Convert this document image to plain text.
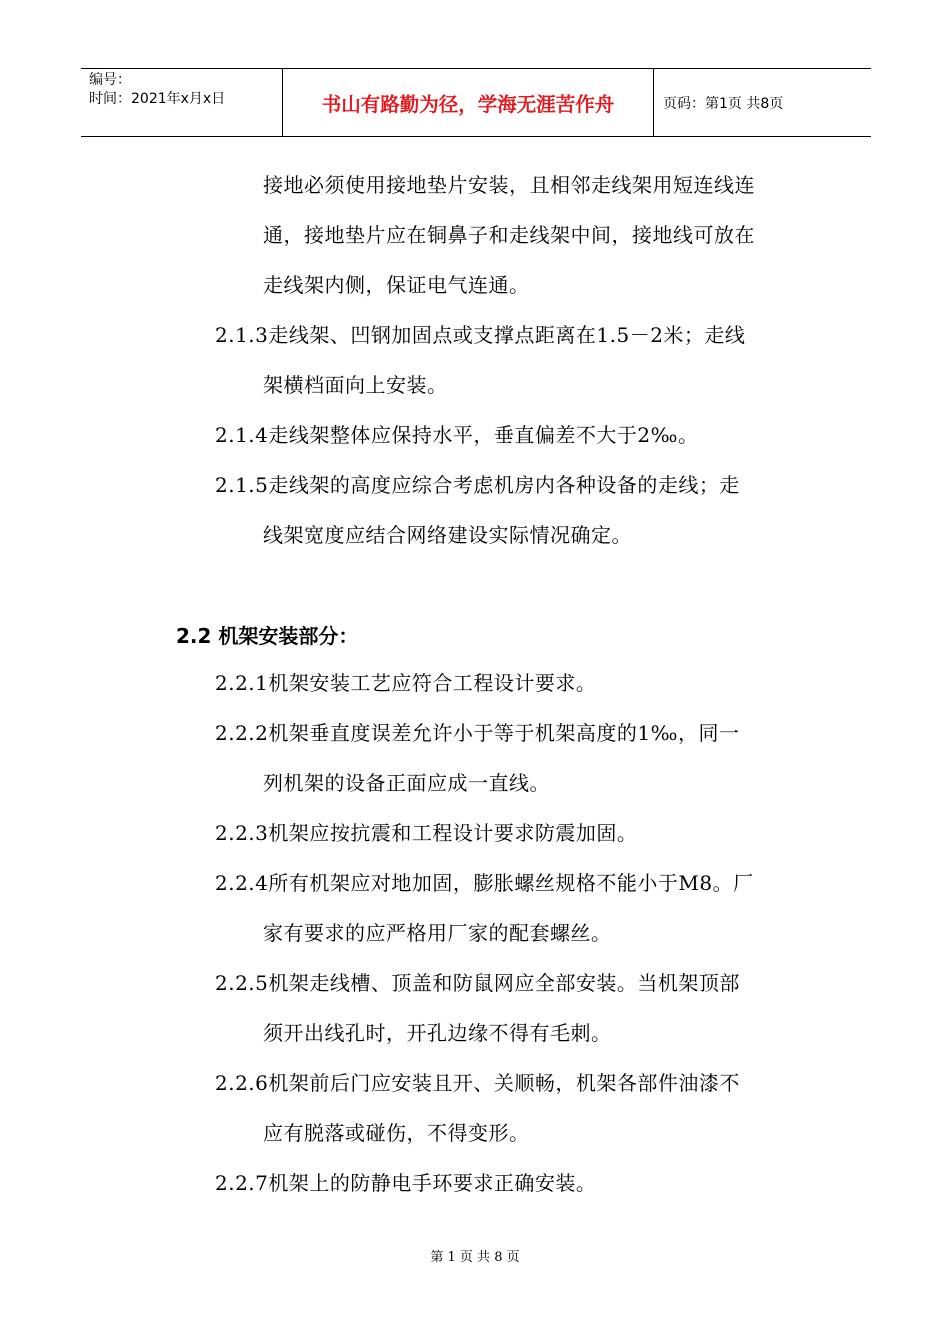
编号：
时间：2021年x月x日	书山有路勤为径，学海无涯苦作舟	页码：第1页 共8页
接地必须使用接地垫片安装，且相邻走线架用短连线连
通，接地垫片应在铜鼻子和走线架中间，接地线可放在
走线架内侧，保证电气连通。
2.1.3走线架、凹钢加固点或支撑点距离在1.5－2米；走线
架横档面向上安装。
2.1.4走线架整体应保持水平，垂直偏差不大于2‰。
2.1.5走线架的高度应综合考虑机房内各种设备的走线；走
线架宽度应结合网络建设实际情况确定。
2.2 机架安装部分：
2.2.1机架安装工艺应符合工程设计要求。
2.2.2机架垂直度误差允许小于等于机架高度的1‰，同一
列机架的设备正面应成一直线。
2.2.3机架应按抗震和工程设计要求防震加固。
2.2.4所有机架应对地加固，膨胀螺丝规格不能小于M8。厂
家有要求的应严格用厂家的配套螺丝。
2.2.5机架走线槽、顶盖和防鼠网应全部安装。当机架顶部
须开出线孔时，开孔边缘不得有毛刺。
2.2.6机架前后门应安装且开、关顺畅，机架各部件油漆不
应有脱落或碰伤，不得变形。
2.2.7机架上的防静电手环要求正确安装。
第 1 页 共 8 页
